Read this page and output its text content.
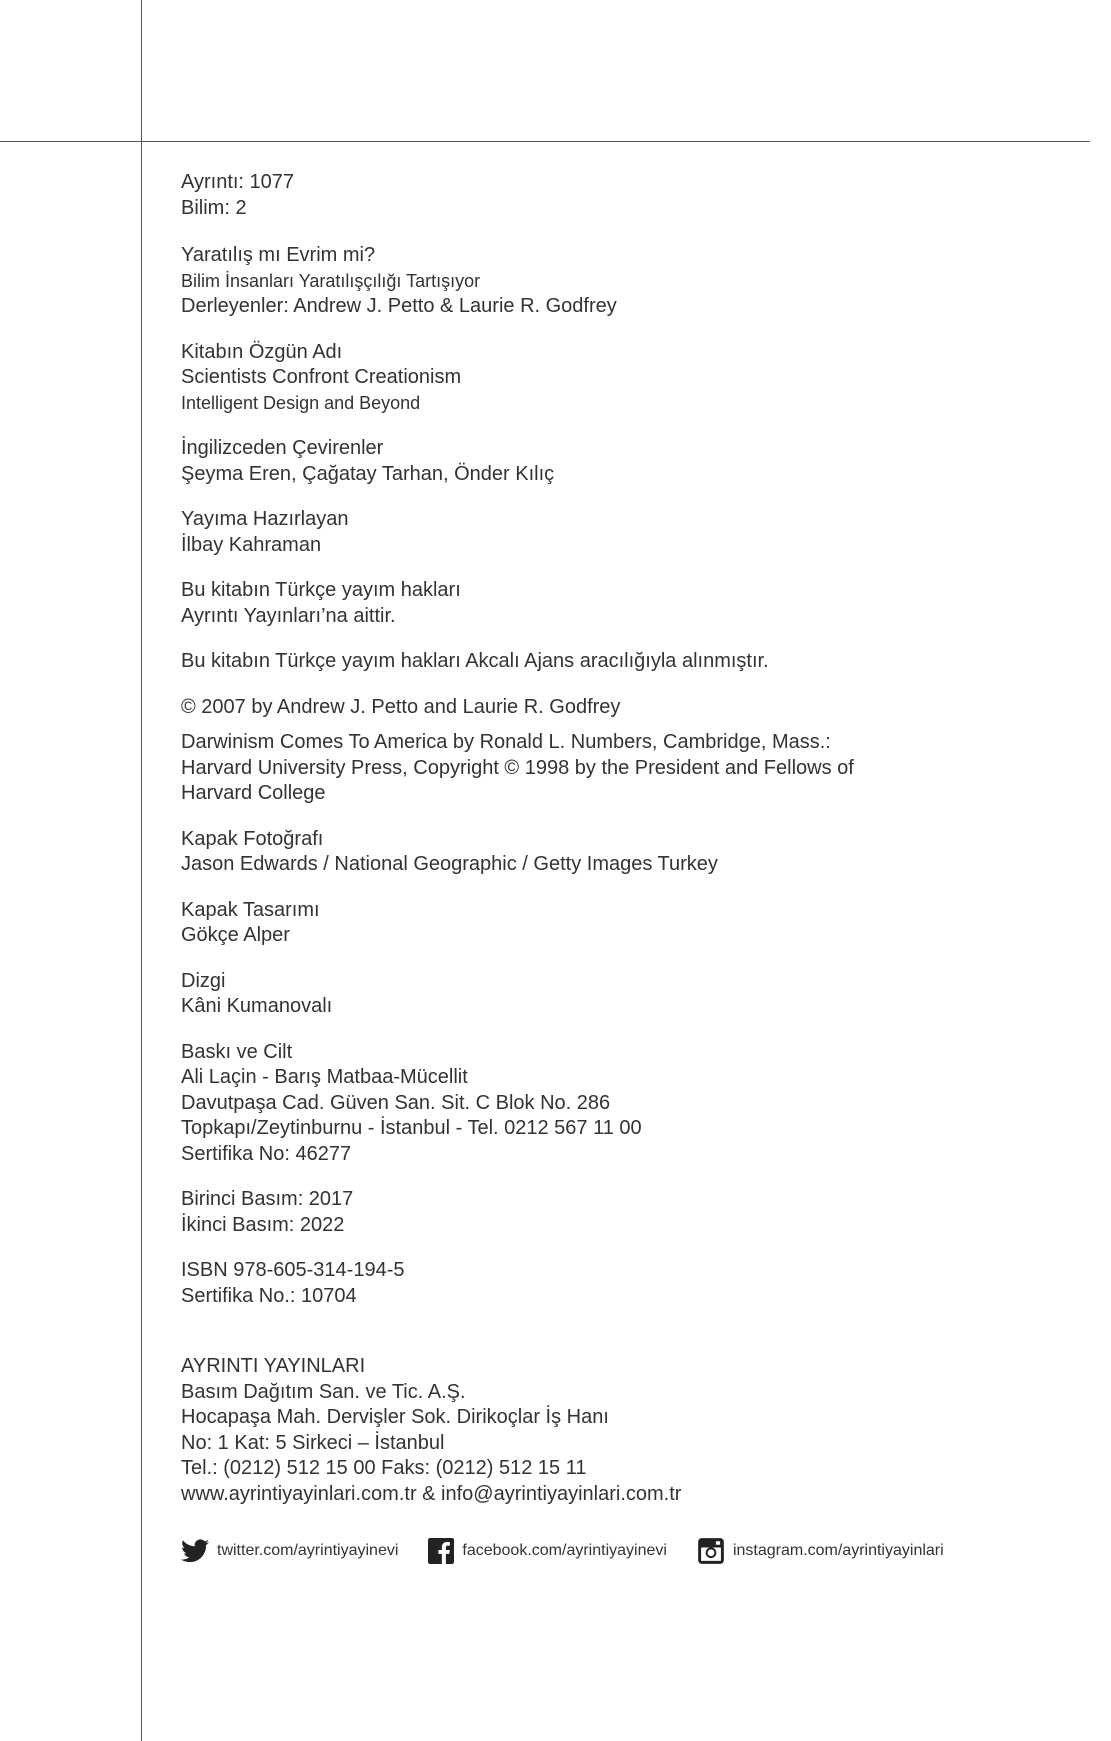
Ayrıntı: 1077
Bilim: 2
Yaratılış mı Evrim mi?
Bilim İnsanları Yaratılışçılığı Tartışıyor
Derleyenler: Andrew J. Petto & Laurie R. Godfrey
Kitabın Özgün Adı
Scientists Confront Creationism
Intelligent Design and Beyond
İngilizceden Çevirenler
Şeyma Eren, Çağatay Tarhan, Önder Kılıç
Yayıma Hazırlayan
İlbay Kahraman
Bu kitabın Türkçe yayım hakları
Ayrıntı Yayınları’na aittir.
Bu kitabın Türkçe yayım hakları Akcalı Ajans aracılığıyla alınmıştır.
© 2007 by Andrew J. Petto and Laurie R. Godfrey
Darwinism Comes To America by Ronald L. Numbers, Cambridge, Mass.:
Harvard University Press, Copyright © 1998 by the President and Fellows of
Harvard College
Kapak Fotoğrafı
Jason Edwards / National Geographic / Getty Images Turkey
Kapak Tasarımı
Gökçe Alper
Dizgi
Kâni Kumanovalı
Baskı ve Cilt
Ali Laçin - Barış Matbaa-Mücellit
Davutpaşa Cad. Güven San. Sit. C Blok No. 286
Topkapı/Zeytinburnu - İstanbul - Tel. 0212 567 11 00
Sertifika No: 46277
Birinci Basım: 2017
İkinci Basım: 2022
ISBN 978-605-314-194-5
Sertifika No.: 10704
AYRINTI YAYINLARI
Basım Dağıtım San. ve Tic. A.Ş.
Hocapaşa Mah. Dervişler Sok. Dirikoçlar İş Hanı
No: 1 Kat: 5 Sirkeci – İstanbul
Tel.: (0212) 512 15 00 Faks: (0212) 512 15 11
www.ayrintiyayinlari.com.tr & info@ayrintiyayinlari.com.tr
twitter.com/ayrintiyayinevi	facebook.com/ayrintiyayinevi	instagram.com/ayrintiyayinlari
